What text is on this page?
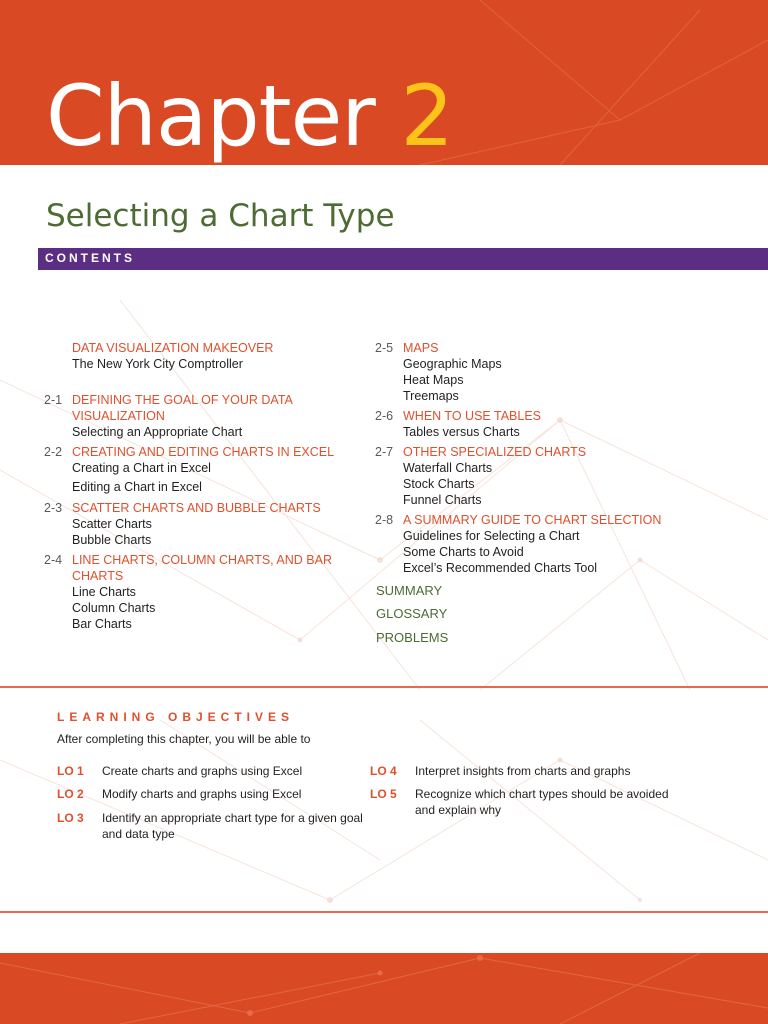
Chapter 2
Selecting a Chart Type
CONTENTS
DATA VISUALIZATION MAKEOVER
The New York City Comptroller
2-1 DEFINING THE GOAL OF YOUR DATA
VISUALIZATION
Selecting an Appropriate Chart
2-2 CREATING AND EDITING CHARTS IN EXCEL
Creating a Chart in Excel
Editing a Chart in Excel
2-3 SCATTER CHARTS AND BUBBLE CHARTS
Scatter Charts
Bubble Charts
2-4 LINE CHARTS, COLUMN CHARTS, AND BAR
CHARTS
Line Charts
Column Charts
Bar Charts
2-5 MAPS
Geographic Maps
Heat Maps
Treemaps
2-6 WHEN TO USE TABLES
Tables versus Charts
2-7 OTHER SPECIALIZED CHARTS
Waterfall Charts
Stock Charts
Funnel Charts
2-8 A SUMMARY GUIDE TO CHART SELECTION
Guidelines for Selecting a Chart
Some Charts to Avoid
Excel’s Recommended Charts Tool
SUMMARY
GLOSSARY
PROBLEMS
LEARNING OBJECTIVES
After completing this chapter, you will be able to
LO 1 Create charts and graphs using Excel
LO 2 Modify charts and graphs using Excel
LO 3 Identify an appropriate chart type for a given goal and data type
LO 4 Interpret insights from charts and graphs
LO 5 Recognize which chart types should be avoided and explain why
